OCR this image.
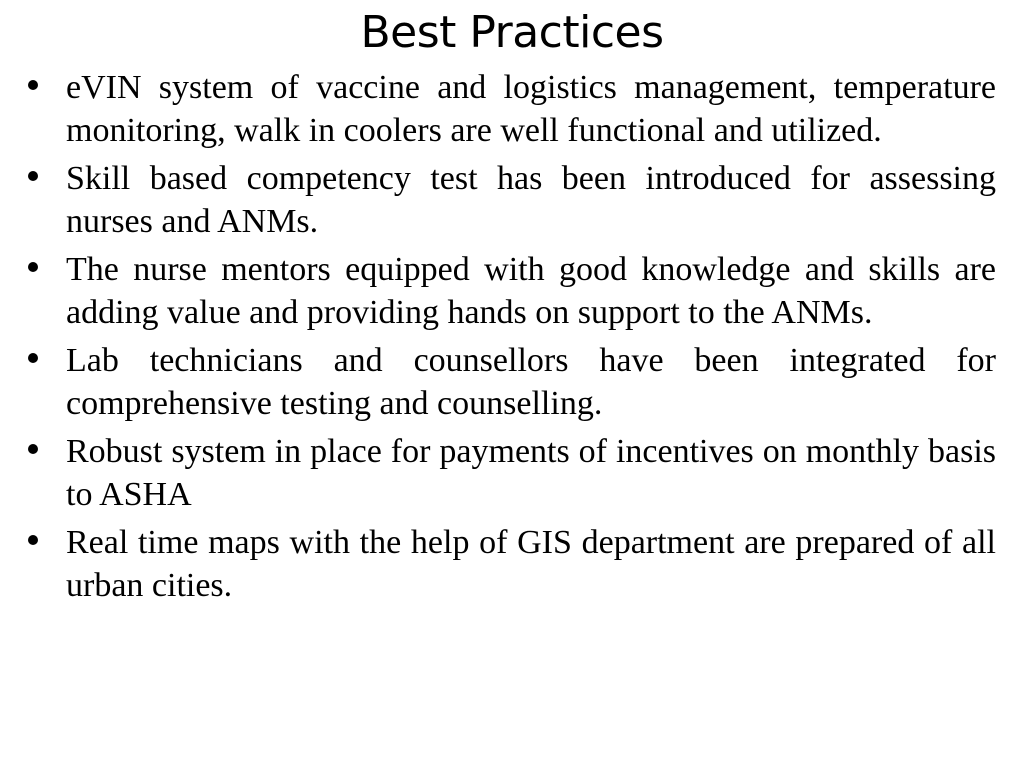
Best Practices
eVIN system of vaccine and logistics management, temperature monitoring, walk in coolers are well functional and utilized.
Skill based competency test has been introduced for assessing nurses and ANMs.
The nurse mentors equipped with good knowledge and skills are adding value and providing hands on support to the ANMs.
Lab technicians and counsellors have been integrated for comprehensive testing and counselling.
Robust system in place for payments of incentives on monthly basis to ASHA
Real time maps with the help of GIS department are prepared of all urban cities.
